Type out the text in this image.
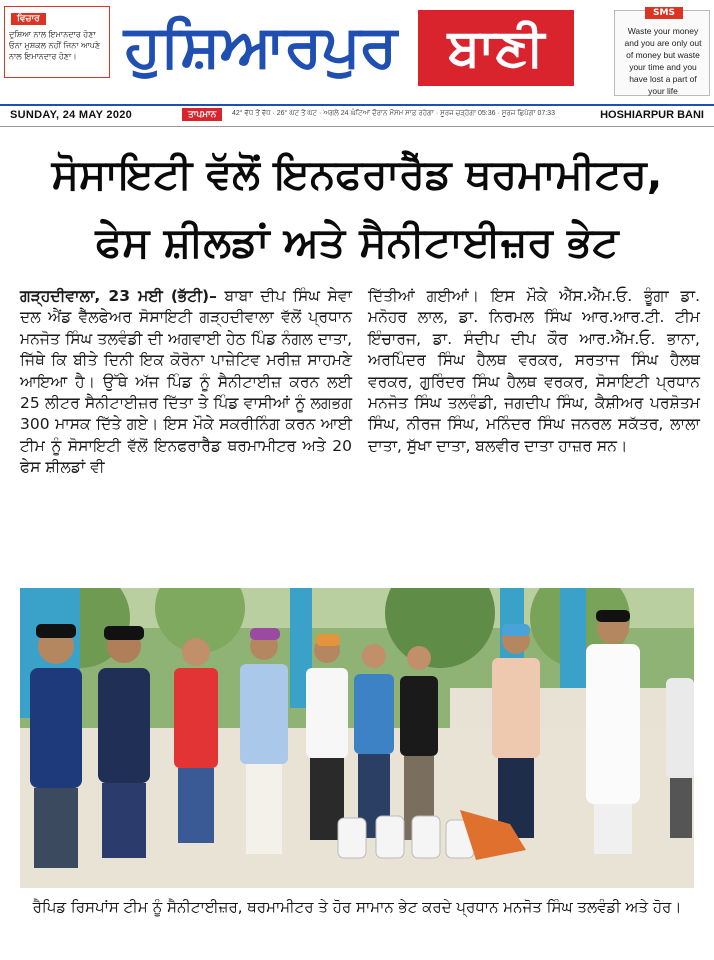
ਵਿਚਾਰ
ਦੁਸ਼ਿਆ ਨਾਲ ਇਮਾਨਦਾਰ ਹੋਣਾ ਓਨਾ ਮੁਸ਼ਕਲ ਨਹੀਂ ਜਿਨਾ ਆਪਣੇ ਨਾਲ ਇਮਾਨਦਾਰ ਹੋਣਾ। ਹੁਸ਼ਿਆਰਪੁਰ ਬਾਣੀ
SMS
Waste your money and you are only out of money but waste your time and you have lost a part of your life
SUNDAY, 24 MAY 2020	ਤਾਪਮਾਨ	42° ਵੱਧ ਤੋਂ ਵੱਧ · 26° ਘੱਟ ਤੋਂ ਘੱਟ · ਅਗਲੇ 24 ਘੰਟਿਆਂ ਦੌਰਾਨ ਮੌਸਮ ਸਾਫ਼ ਰਹੇਗਾ · ਸੂਰਜ ਚੜ੍ਹੇਗਾ 05:36 · ਸੂਰਜ ਛਿਪੇਗਾ 07:33	HOSHIARPUR BANI
ਸੋਸਾਇਟੀ ਵੱਲੋਂ ਇਨਫਰਾਰੈੱਡ ਥਰਮਾਮੀਟਰ,
ਫੇਸ ਸ਼ੀਲਡਾਂ ਅਤੇ ਸੈਨੀਟਾਈਜ਼ਰ ਭੇਟ
ਗੜ੍ਹਦੀਵਾਲਾ, 23 ਮਈ (ਭੱਟੀ)– ਬਾਬਾ ਦੀਪ ਸਿੰਘ ਸੇਵਾ ਦਲ ਐਂਡ ਵੈੱਲਫੇਅਰ ਸੋਸਾਇਟੀ ਗੜ੍ਹਦੀਵਾਲਾ ਵੱਲੋਂ ਪ੍ਰਧਾਨ ਮਨਜੋਤ ਸਿੰਘ ਤਲਵੰਡੀ ਦੀ ਅਗਵਾਈ ਹੇਠ ਪਿੰਡ ਨੰਗਲ ਦਾਤਾ, ਜਿੱਥੇ ਕਿ ਬੀਤੇ ਦਿਨੀ ਇਕ ਕੋਰੋਨਾ ਪਾਜ਼ੇਟਿਵ ਮਰੀਜ਼ ਸਾਹਮਣੇ ਆਇਆ ਹੈ। ਉੱਥੇ ਅੱਜ ਪਿੰਡ ਨੂੰ ਸੈਨੀਟਾਈਜ਼ ਕਰਨ ਲਈ 25 ਲੀਟਰ ਸੈਨੀਟਾਈਜ਼ਰ ਦਿੱਤਾ ਤੇ ਪਿੰਡ ਵਾਸੀਆਂ ਨੂੰ ਲਗਭਗ 300 ਮਾਸਕ ਦਿੱਤੇ ਗਏ। ਇਸ ਮੌਕੇ ਸਕਰੀਨਿੰਗ ਕਰਨ ਆਈ ਟੀਮ ਨੂੰ ਸੋਸਾਇਟੀ ਵੱਲੋਂ ਇਨਫਰਾਰੈੱਡ ਥਰਮਾਮੀਟਰ ਅਤੇ 20 ਫੇਸ ਸ਼ੀਲਡਾਂ ਵੀ
ਦਿੱਤੀਆਂ ਗਈਆਂ। ਇਸ ਮੌਕੇ ਐੱਸ.ਐੱਮ.ਓ. ਭੂੰਗਾ ਡਾ. ਮਨੋਹਰ ਲਾਲ, ਡਾ. ਨਿਰਮਲ ਸਿੰਘ ਆਰ.ਆਰ.ਟੀ. ਟੀਮ ਇੰਚਾਰਜ, ਡਾ. ਸੰਦੀਪ ਦੀਪ ਕੌਰ ਆਰ.ਐੱਮ.ਓ. ਭਾਨਾ, ਅਰਪਿੰਦਰ ਸਿੰਘ ਹੈਲਥ ਵਰਕਰ, ਸਰਤਾਜ ਸਿੰਘ ਹੈਲਥ ਵਰਕਰ, ਗੁਰਿੰਦਰ ਸਿੰਘ ਹੈਲਥ ਵਰਕਰ, ਸੋਸਾਇਟੀ ਪ੍ਰਧਾਨ ਮਨਜੋਤ ਸਿੰਘ ਤਲਵੰਡੀ, ਜਗਦੀਪ ਸਿੰਘ, ਕੈਸ਼ੀਅਰ ਪਰਸ਼ੋਤਮ ਸਿੰਘ, ਨੀਰਜ ਸਿੰਘ, ਮਨਿੰਦਰ ਸਿੰਘ ਜਨਰਲ ਸਕੱਤਰ, ਲਾਲਾ ਦਾਤਾ, ਸੁੱਖਾ ਦਾਤਾ, ਬਲਵੀਰ ਦਾਤਾ ਹਾਜ਼ਰ ਸਨ।
ਰੈਪਿਡ ਰਿਸਪਾਂਸ ਟੀਮ ਨੂੰ ਸੈਨੀਟਾਈਜ਼ਰ, ਥਰਮਾਮੀਟਰ ਤੇ ਹੋਰ ਸਾਮਾਨ ਭੇਟ ਕਰਦੇ ਪ੍ਰਧਾਨ ਮਨਜੋਤ ਸਿੰਘ ਤਲਵੰਡੀ ਅਤੇ ਹੋਰ।
